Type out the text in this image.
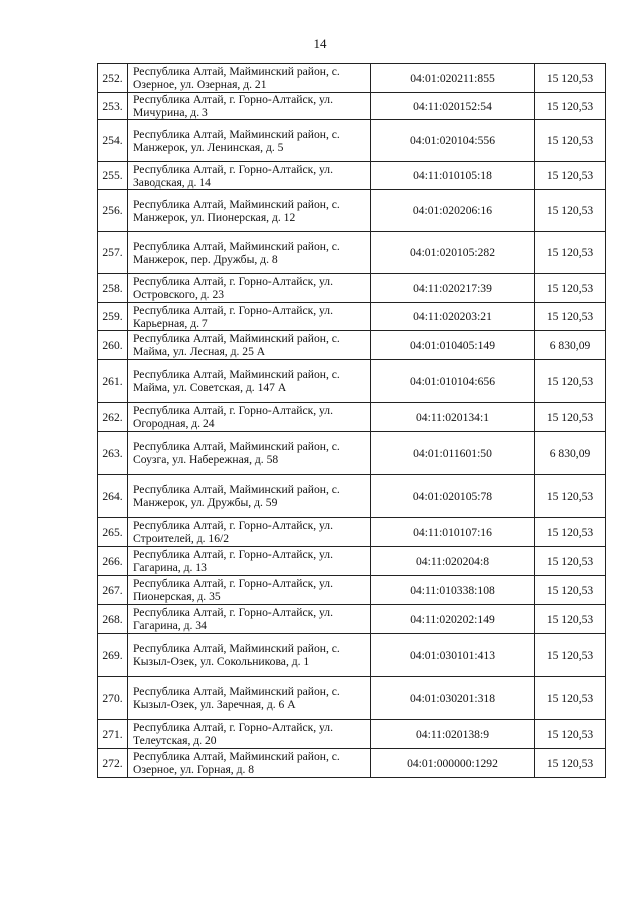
14
252.	Республика Алтай, Майминский район, с. Озерное, ул. Озерная, д. 21	04:01:020211:855	15 120,53
253.	Республика Алтай, г. Горно-Алтайск, ул. Мичурина, д. 3	04:11:020152:54	15 120,53
254.	Республика Алтай, Майминский район, с. Манжерок, ул. Ленинская, д. 5	04:01:020104:556	15 120,53
255.	Республика Алтай, г. Горно-Алтайск, ул. Заводская, д. 14	04:11:010105:18	15 120,53
256.	Республика Алтай, Майминский район, с. Манжерок, ул. Пионерская, д. 12	04:01:020206:16	15 120,53
257.	Республика Алтай, Майминский район, с. Манжерок, пер. Дружбы, д. 8	04:01:020105:282	15 120,53
258.	Республика Алтай, г. Горно-Алтайск, ул. Островского, д. 23	04:11:020217:39	15 120,53
259.	Республика Алтай, г. Горно-Алтайск, ул. Карьерная, д. 7	04:11:020203:21	15 120,53
260.	Республика Алтай, Майминский район, с. Майма, ул. Лесная, д. 25 А	04:01:010405:149	6 830,09
261.	Республика Алтай, Майминский район, с. Майма, ул. Советская, д. 147 А	04:01:010104:656	15 120,53
262.	Республика Алтай, г. Горно-Алтайск, ул. Огородная, д. 24	04:11:020134:1	15 120,53
263.	Республика Алтай, Майминский район, с. Соузга, ул. Набережная, д. 58	04:01:011601:50	6 830,09
264.	Республика Алтай, Майминский район, с. Манжерок, ул. Дружбы, д. 59	04:01:020105:78	15 120,53
265.	Республика Алтай, г. Горно-Алтайск, ул. Строителей, д. 16/2	04:11:010107:16	15 120,53
266.	Республика Алтай, г. Горно-Алтайск, ул. Гагарина, д. 13	04:11:020204:8	15 120,53
267.	Республика Алтай, г. Горно-Алтайск, ул. Пионерская, д. 35	04:11:010338:108	15 120,53
268.	Республика Алтай, г. Горно-Алтайск, ул. Гагарина, д. 34	04:11:020202:149	15 120,53
269.	Республика Алтай, Майминский район, с. Кызыл-Озек, ул. Сокольникова, д. 1	04:01:030101:413	15 120,53
270.	Республика Алтай, Майминский район, с. Кызыл-Озек, ул. Заречная, д. 6 А	04:01:030201:318	15 120,53
271.	Республика Алтай, г. Горно-Алтайск, ул. Телеутская, д. 20	04:11:020138:9	15 120,53
272.	Республика Алтай, Майминский район, с. Озерное, ул. Горная, д. 8	04:01:000000:1292	15 120,53
